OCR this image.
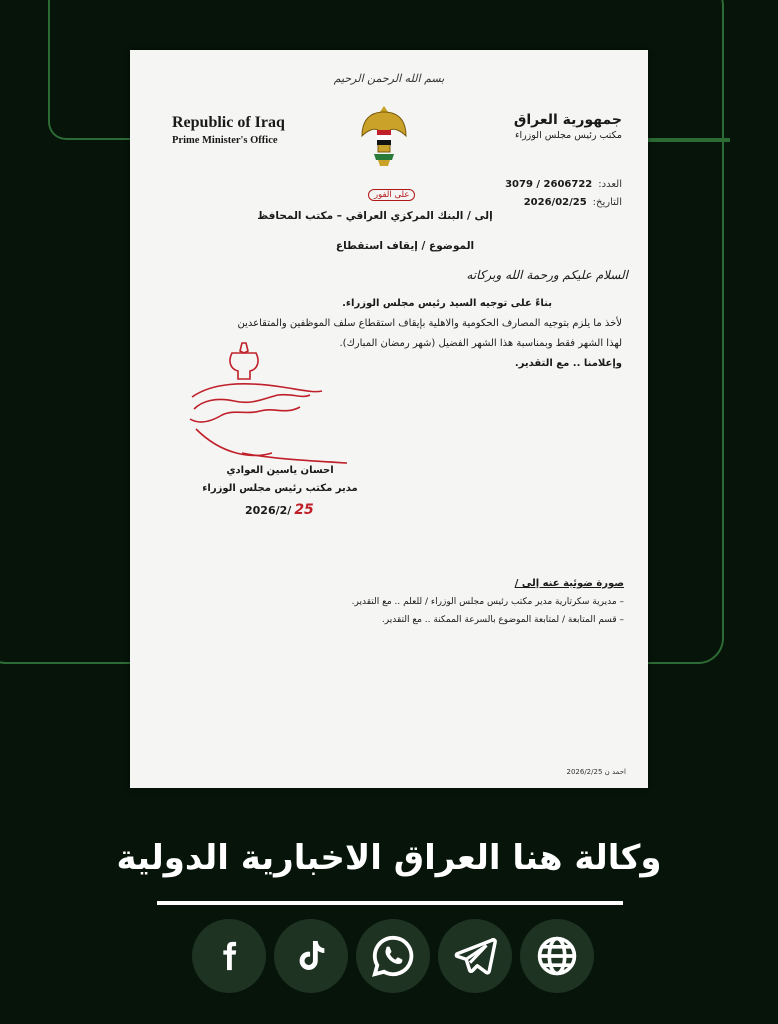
بسم الله الرحمن الرحيم
Republic of Iraq
Prime Minister's Office
جمهورية العراق
مكتب رئيس مجلس الوزراء
العدد:2606722 / 3079
التاريخ:2026/02/25
على الفور
إلى / البنك المركزي العراقي – مكتب المحافظ
الموضوع / إيقاف استقطاع
السلام عليكم ورحمة الله وبركاته
بناءً على توجيه السيد رئيس مجلس الوزراء.
لأخذ ما يلزم بتوجيه المصارف الحكومية والاهلية بإيقاف استقطاع سلف الموظفين والمتقاعدين
لهذا الشهر فقط وبمناسبة هذا الشهر الفضيل (شهر رمضان المبارك).
وإعلامنا .. مع التقدير.
احسان ياسين العوادي
مدير مكتب رئيس مجلس الوزراء
2026/2/ 25
صورة ضوئية عنه إلى /
– مديرية سكرتارية مدير مكتب رئيس مجلس الوزراء / للعلم .. مع التقدير.
– قسم المتابعة / لمتابعة الموضوع بالسرعة الممكنة .. مع التقدير.
احمد ن 2026/2/25
وكالة هنا العراق الاخبارية الدولية
